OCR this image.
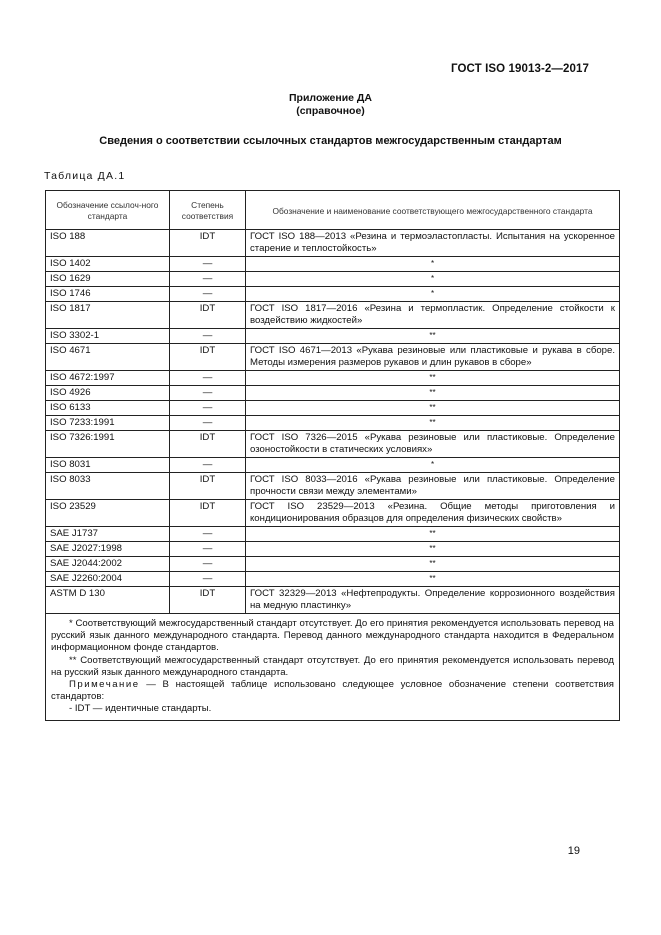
ГОСТ ISO 19013-2—2017
Приложение ДА
(справочное)
Сведения о соответствии ссылочных стандартов межгосударственным стандартам
Таблица ДА.1
Обозначение ссылоч-ного стандарта	Степень соответствия	Обозначение и наименование соответствующего межгосударственного стандарта
ISO 188	IDT	ГОСТ ISO 188—2013 «Резина и термоэластопласты. Испытания на ускоренное старение и теплостойкость»
ISO 1402	—	*
ISO 1629	—	*
ISO 1746	—	*
ISO 1817	IDT	ГОСТ ISO 1817—2016 «Резина и термопластик. Определение стойкости к воздействию жидкостей»
ISO 3302-1	—	**
ISO 4671	IDT	ГОСТ ISO 4671—2013 «Рукава резиновые или пластиковые и рукава в сборе. Методы измерения размеров рукавов и длин рукавов в сборе»
ISO 4672:1997	—	**
ISO 4926	—	**
ISO 6133	—	**
ISO 7233:1991	—	**
ISO 7326:1991	IDT	ГОСТ ISO 7326—2015 «Рукава резиновые или пластиковые. Определение озоностойкости в статических условиях»
ISO 8031	—	*
ISO 8033	IDT	ГОСТ ISO 8033—2016 «Рукава резиновые или пластиковые. Определение прочности связи между элементами»
ISO 23529	IDT	ГОСТ ISO 23529—2013 «Резина. Общие методы приготовления и кондиционирования образцов для определения физических свойств»
SAE J1737	—	**
SAE J2027:1998	—	**
SAE J2044:2002	—	**
SAE J2260:2004	—	**
ASTM D 130	IDT	ГОСТ 32329—2013 «Нефтепродукты. Определение коррозионного воздействия на медную пластинку»

* Соответствующий межгосударственный стандарт отсутствует. До его принятия рекомендуется использовать перевод на русский язык данного международного стандарта. Перевод данного международного стандарта находится в Федеральном информационном фонде стандартов.

** Соответствующий межгосударственный стандарт отсутствует. До его принятия рекомендуется использовать перевод на русский язык данного международного стандарта.

Примечание — В настоящей таблице использовано следующее условное обозначение степени соответствия стандартов:

- IDT — идентичные стандарты.		

19
